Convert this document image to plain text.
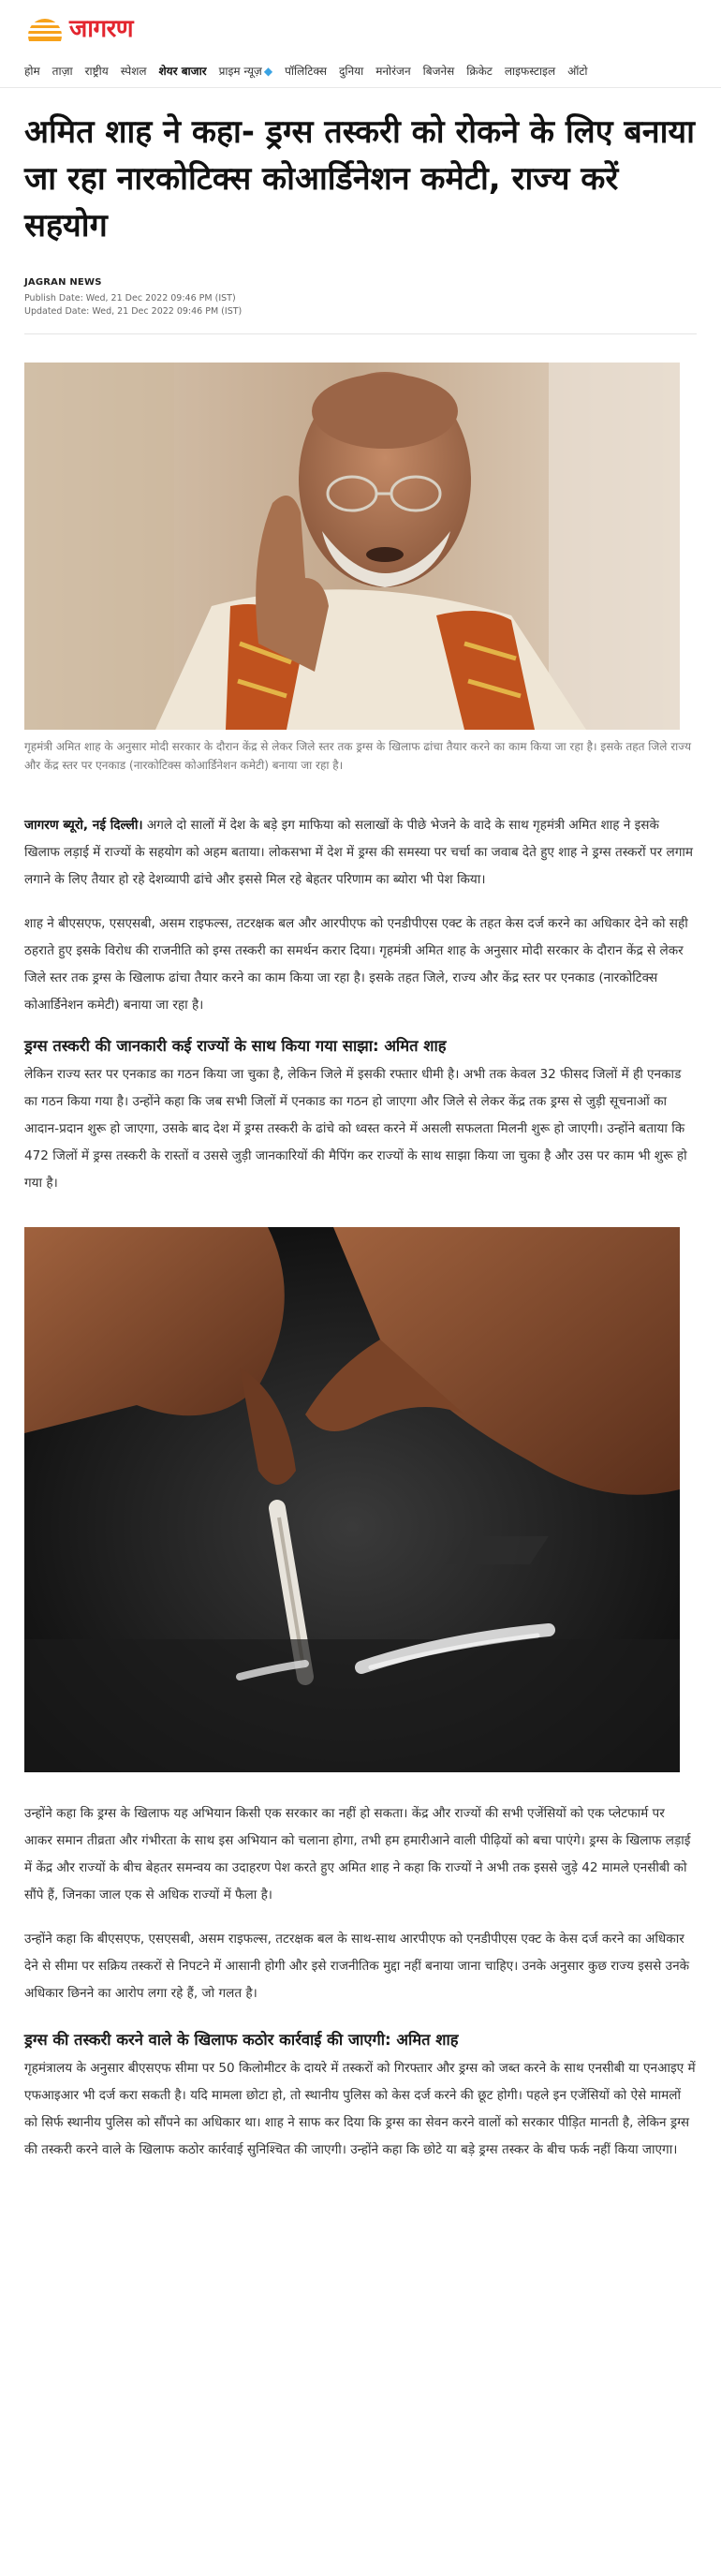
जागरण
होम ताज़ा राष्ट्रीय स्पेशल शेयर बाजार प्राइम न्यूज़ ◆ पॉलिटिक्स दुनिया मनोरंजन बिजनेस क्रिकेट लाइफस्टाइल ऑटो
अमित शाह ने कहा- ड्रग्स तस्करी को रोकने के लिए बनाया जा रहा नारकोटिक्स कोआर्डिनेशन कमेटी, राज्य करें सहयोग
JAGRAN NEWS
Publish Date: Wed, 21 Dec 2022 09:46 PM (IST)
Updated Date: Wed, 21 Dec 2022 09:46 PM (IST)

गृहमंत्री अमित शाह के अनुसार मोदी सरकार के दौरान केंद्र से लेकर जिले स्तर तक ड्रग्स के खिलाफ ढांचा तैयार करने का काम किया जा रहा है। इसके तहत जिले राज्य और केंद्र स्तर पर एनकाड (नारकोटिक्स कोआर्डिनेशन कमेटी) बनाया जा रहा है।

जागरण ब्यूरो, नई दिल्ली। अगले दो सालों में देश के बड़े इग माफिया को सलाखों के पीछे भेजने के वादे के साथ गृहमंत्री अमित शाह ने इसके खिलाफ लड़ाई में राज्यों के सहयोग को अहम बताया। लोकसभा में देश में ड्रग्स की समस्या पर चर्चा का जवाब देते हुए शाह ने ड्रग्स तस्करों पर लगाम लगाने के लिए तैयार हो रहे देशव्यापी ढांचे और इससे मिल रहे बेहतर परिणाम का ब्योरा भी पेश किया।

शाह ने बीएसएफ, एसएसबी, असम राइफल्स, तटरक्षक बल और आरपीएफ को एनडीपीएस एक्ट के तहत केस दर्ज करने का अधिकार देने को सही ठहराते हुए इसके विरोध की राजनीति को इग्स तस्करी का समर्थन करार दिया। गृहमंत्री अमित शाह के अनुसार मोदी सरकार के दौरान केंद्र से लेकर जिले स्तर तक ड्रग्स के खिलाफ ढांचा तैयार करने का काम किया जा रहा है। इसके तहत जिले, राज्य और केंद्र स्तर पर एनकाड (नारकोटिक्स कोआर्डिनेशन कमेटी) बनाया जा रहा है।

ड्रग्स तस्करी की जानकारी कई राज्यों के साथ किया गया साझा: अमित शाह

लेकिन राज्य स्तर पर एनकाड का गठन किया जा चुका है, लेकिन जिले में इसकी रफ्तार धीमी है। अभी तक केवल 32 फीसद जिलों में ही एनकाड का गठन किया गया है। उन्होंने कहा कि जब सभी जिलों में एनकाड का गठन हो जाएगा और जिले से लेकर केंद्र तक ड्रग्स से जुड़ी सूचनाओं का आदान-प्रदान शुरू हो जाएगा, उसके बाद देश में ड्रग्स तस्करी के ढांचे को ध्वस्त करने में असली सफलता मिलनी शुरू हो जाएगी। उन्होंने बताया कि 472 जिलों में ड्रग्स तस्करी के रास्तों व उससे जुड़ी जानकारियों की मैपिंग कर राज्यों के साथ साझा किया जा चुका है और उस पर काम भी शुरू हो गया है।

उन्होंने कहा कि ड्रग्स के खिलाफ यह अभियान किसी एक सरकार का नहीं हो सकता। केंद्र और राज्यों की सभी एजेंसियों को एक प्लेटफार्म पर आकर समान तीव्रता और गंभीरता के साथ इस अभियान को चलाना होगा, तभी हम हमारीआने वाली पीढ़ियों को बचा पाएंगे। ड्रग्स के खिलाफ लड़ाई में केंद्र और राज्यों के बीच बेहतर समन्वय का उदाहरण पेश करते हुए अमित शाह ने कहा कि राज्यों ने अभी तक इससे जुड़े 42 मामले एनसीबी को सौंपे हैं, जिनका जाल एक से अधिक राज्यों में फैला है।

उन्होंने कहा कि बीएसएफ, एसएसबी, असम राइफल्स, तटरक्षक बल के साथ-साथ आरपीएफ को एनडीपीएस एक्ट के केस दर्ज करने का अधिकार देने से सीमा पर सक्रिय तस्करों से निपटने में आसानी होगी और इसे राजनीतिक मुद्दा नहीं बनाया जाना चाहिए। उनके अनुसार कुछ राज्य इससे उनके अधिकार छिनने का आरोप लगा रहे हैं, जो गलत है।

ड्रग्स की तस्करी करने वाले के खिलाफ कठोर कार्रवाई की जाएगी: अमित शाह

गृहमंत्रालय के अनुसार बीएसएफ सीमा पर 50 किलोमीटर के दायरे में तस्करों को गिरफ्तार और ड्रग्स को जब्त करने के साथ एनसीबी या एनआइए में एफआइआर भी दर्ज करा सकती है। यदि मामला छोटा हो, तो स्थानीय पुलिस को केस दर्ज करने की छूट होगी। पहले इन एजेंसियों को ऐसे मामलों को सिर्फ स्थानीय पुलिस को सौंपने का अधिकार था। शाह ने साफ कर दिया कि ड्रग्स का सेवन करने वालों को सरकार पीड़ित मानती है, लेकिन ड्रग्स की तस्करी करने वाले के खिलाफ कठोर कार्रवाई सुनिश्चित की जाएगी। उन्होंने कहा कि छोटे या बड़े ड्रग्स तस्कर के बीच फर्क नहीं किया जाएगा।
